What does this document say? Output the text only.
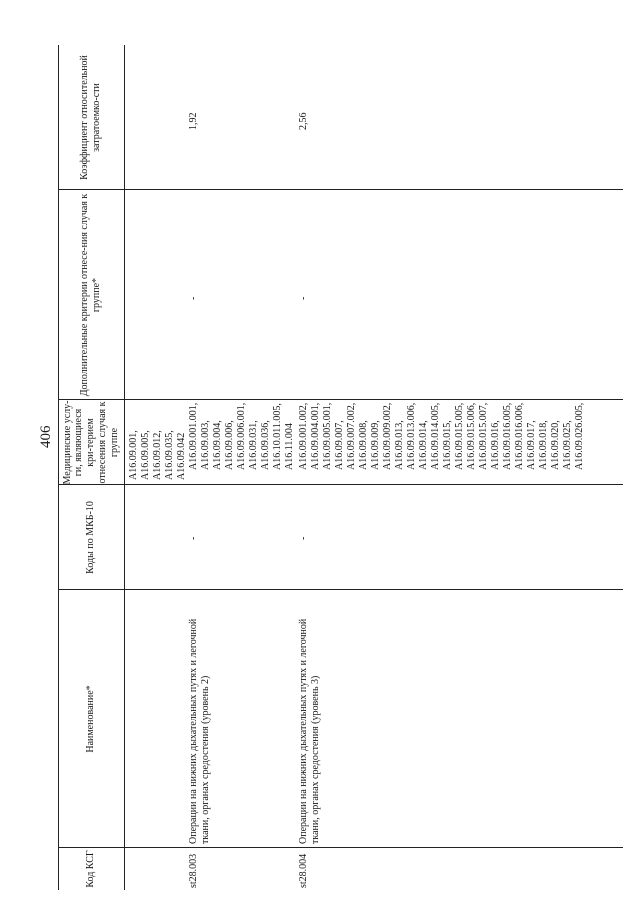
406
Код КСГ
Наименование*
Коды по МКБ-10
Медицинские услу-ги, являющиеся кри-терием отнесения случая к группе
Дополнительные критерии отнесе-ния случая к группе*
Коэффициент относительной затратоемко-сти
A16.09.001,
A16.09.005,
A16.09.012,
A16.09.035,
A16.09.042
st28.003
Операции на нижних дыхательных путях и легочной ткани, органах средостения (уровень 2)
-
A16.09.001.001,
A16.09.003,
A16.09.004,
A16.09.006,
A16.09.006.001,
A16.09.031,
A16.09.036,
A16.10.011.005,
A16.11.004
-
1,92
st28.004
Операции на нижних дыхательных путях и легочной ткани, органах средостения (уровень 3)
-
A16.09.001.002,
A16.09.004.001,
A16.09.005.001,
A16.09.007,
A16.09.007.002,
A16.09.008,
A16.09.009,
A16.09.009.002,
A16.09.013,
A16.09.013.006,
A16.09.014,
A16.09.014.005,
A16.09.015,
A16.09.015.005,
A16.09.015.006,
A16.09.015.007,
A16.09.016,
A16.09.016.005,
A16.09.016.006,
A16.09.017,
A16.09.018,
A16.09.020,
A16.09.025,
A16.09.026.005,
-
2,56
